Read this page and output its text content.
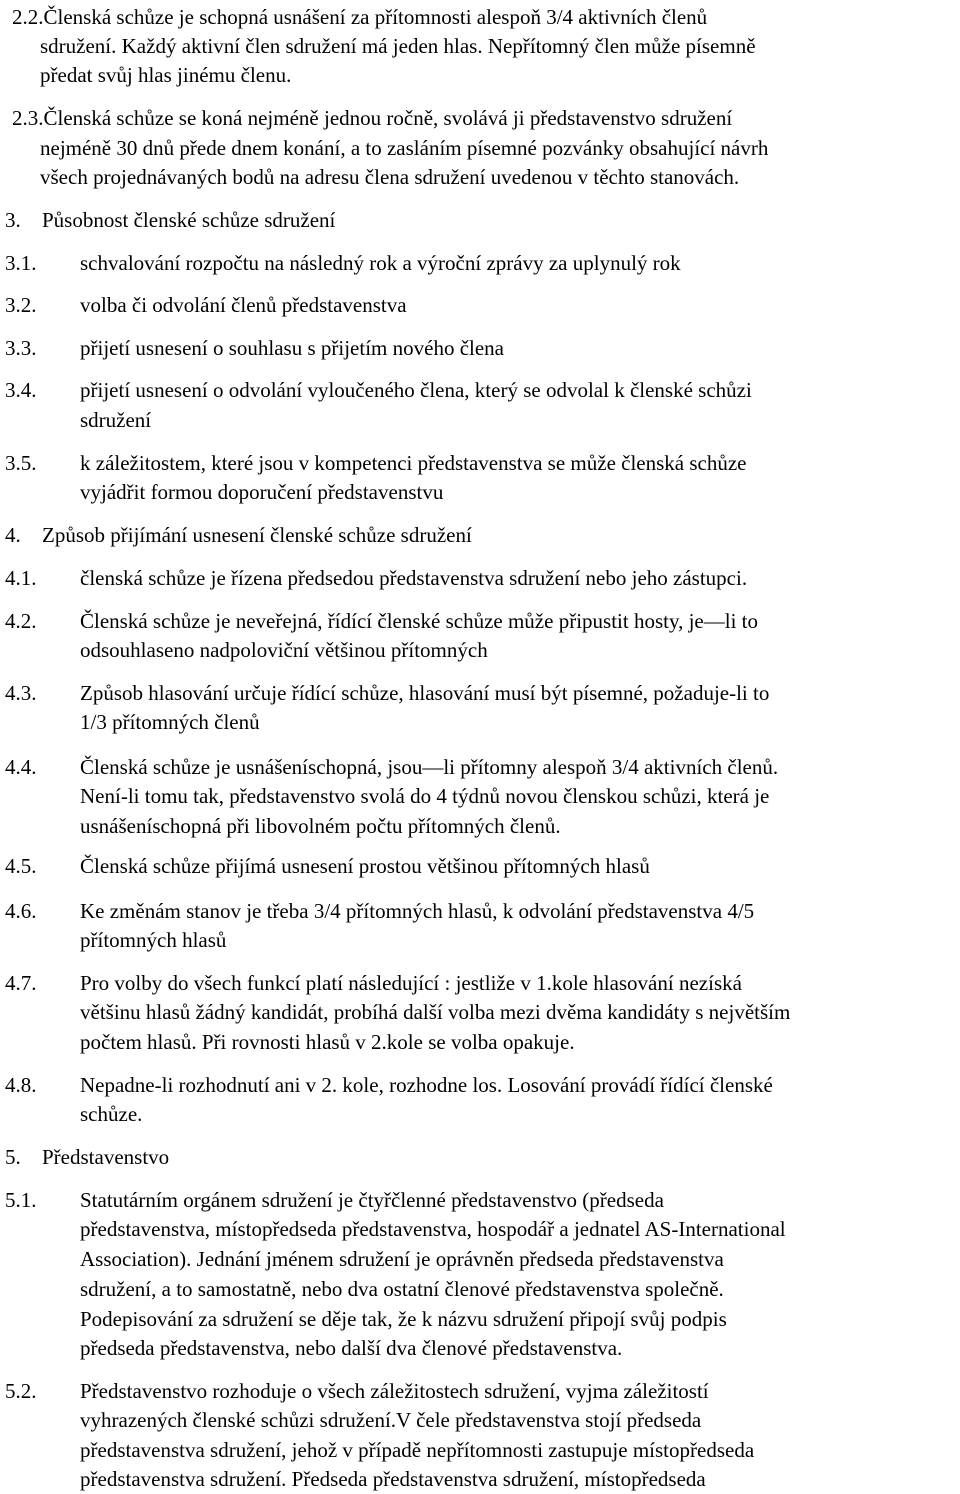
2.2.Členská schůze je schopná usnášení za přítomnosti alespoň 3/4 aktivních členů
sdružení. Každý aktivní člen sdružení má jeden hlas. Nepřítomný člen může písemně
předat svůj hlas jinému členu.
2.3.Členská schůze se koná nejméně jednou ročně, svolává ji představenstvo sdružení
nejméně 30 dnů přede dnem konání, a to zasláním písemné pozvánky obsahující návrh
všech projednávaných bodů na adresu člena sdružení uvedenou v těchto stanovách.
3. Působnost členské schůze sdružení
3.1. schvalování rozpočtu na následný rok a výroční zprávy za uplynulý rok
3.2. volba či odvolání členů představenstva
3.3. přijetí usnesení o souhlasu s přijetím nového člena
3.4. přijetí usnesení o odvolání vyloučeného člena, který se odvolal k členské schůzi
sdružení
3.5. k záležitostem, které jsou v kompetenci představenstva se může členská schůze
vyjádřit formou doporučení představenstvu
4. Způsob přijímání usnesení členské schůze sdružení
4.1. členská schůze je řízena předsedou představenstva sdružení nebo jeho zástupci.
4.2. Členská schůze je neveřejná, řídící členské schůze může připustit hosty, je—li to
odsouhlaseno nadpoloviční většinou přítomných
4.3. Způsob hlasování určuje řídící schůze, hlasování musí být písemné, požaduje-li to
1/3 přítomných členů
4.4. Členská schůze je usnášeníschopná, jsou—li přítomny alespoň 3/4 aktivních členů.
Není-li tomu tak, představenstvo svolá do 4 týdnů novou členskou schůzi, která je
usnášeníschopná při libovolném počtu přítomných členů.
4.5. Členská schůze přijímá usnesení prostou většinou přítomných hlasů
4.6. Ke změnám stanov je třeba 3/4 přítomných hlasů, k odvolání představenstva 4/5
přítomných hlasů
4.7. Pro volby do všech funkcí platí následující : jestliže v 1.kole hlasování nezíská
většinu hlasů žádný kandidát, probíhá další volba mezi dvěma kandidáty s největším
počtem hlasů. Při rovnosti hlasů v 2.kole se volba opakuje.
4.8. Nepadne-li rozhodnutí ani v 2. kole, rozhodne los. Losování provádí řídící členské
schůze.
5. Představenstvo
5.1. Statutárním orgánem sdružení je čtyřčlenné představenstvo (předseda
představenstva, místopředseda představenstva, hospodář a jednatel AS-International
Association). Jednání jménem sdružení je oprávněn předseda představenstva
sdružení, a to samostatně, nebo dva ostatní členové představenstva společně.
Podepisování za sdružení se děje tak, že k názvu sdružení připojí svůj podpis
předseda představenstva, nebo další dva členové představenstva.
5.2. Představenstvo rozhoduje o všech záležitostech sdružení, vyjma záležitostí
vyhrazených členské schůzi sdružení.V čele představenstva stojí předseda
představenstva sdružení, jehož v případě nepřítomnosti zastupuje místopředseda
představenstva sdružení. Předseda představenstva sdružení, místopředseda
